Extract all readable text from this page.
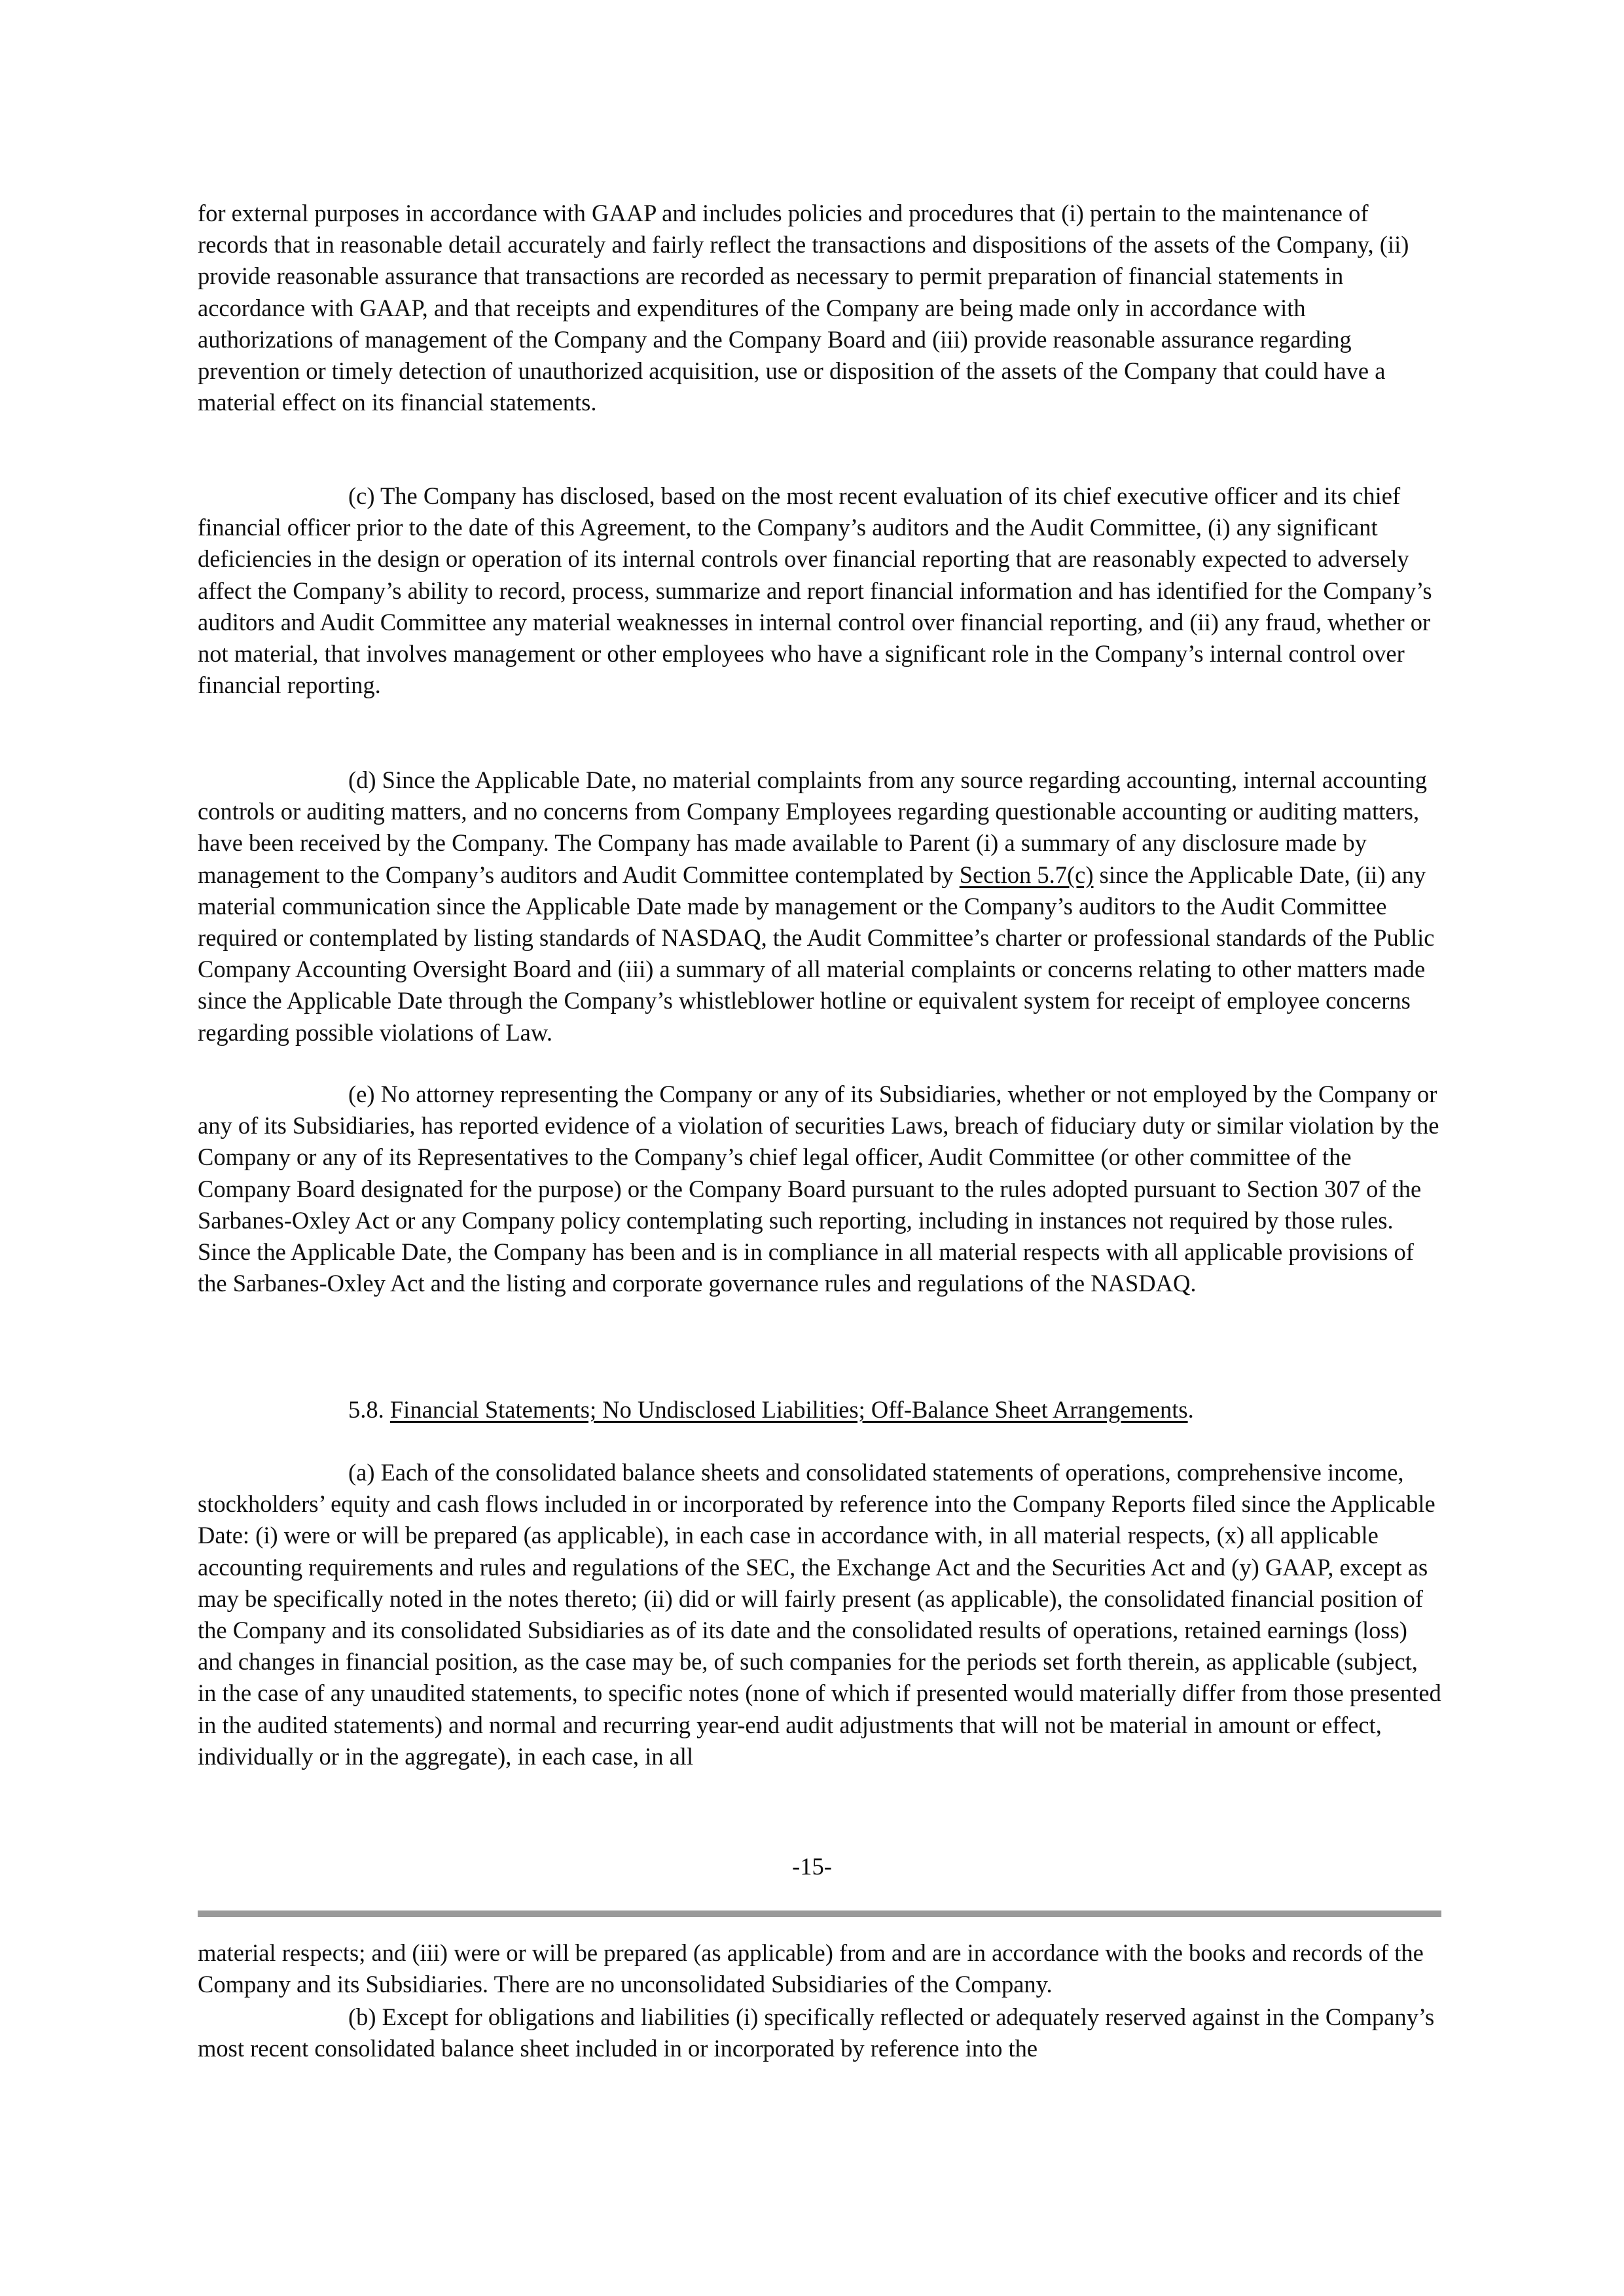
for external purposes in accordance with GAAP and includes policies and procedures that (i) pertain to the maintenance of records that in reasonable detail accurately and fairly reflect the transactions and dispositions of the assets of the Company, (ii) provide reasonable assurance that transactions are recorded as necessary to permit preparation of financial statements in accordance with GAAP, and that receipts and expenditures of the Company are being made only in accordance with authorizations of management of the Company and the Company Board and (iii) provide reasonable assurance regarding prevention or timely detection of unauthorized acquisition, use or disposition of the assets of the Company that could have a material effect on its financial statements.

(c) The Company has disclosed, based on the most recent evaluation of its chief executive officer and its chief financial officer prior to the date of this Agreement, to the Company’s auditors and the Audit Committee, (i) any significant deficiencies in the design or operation of its internal controls over financial reporting that are reasonably expected to adversely affect the Company’s ability to record, process, summarize and report financial information and has identified for the Company’s auditors and Audit Committee any material weaknesses in internal control over financial reporting, and (ii) any fraud, whether or not material, that involves management or other employees who have a significant role in the Company’s internal control over financial reporting.

(d) Since the Applicable Date, no material complaints from any source regarding accounting, internal accounting controls or auditing matters, and no concerns from Company Employees regarding questionable accounting or auditing matters, have been received by the Company. The Company has made available to Parent (i) a summary of any disclosure made by management to the Company’s auditors and Audit Committee contemplated by Section 5.7(c) since the Applicable Date, (ii) any material communication since the Applicable Date made by management or the Company’s auditors to the Audit Committee required or contemplated by listing standards of NASDAQ, the Audit Committee’s charter or professional standards of the Public Company Accounting Oversight Board and (iii) a summary of all material complaints or concerns relating to other matters made since the Applicable Date through the Company’s whistleblower hotline or equivalent system for receipt of employee concerns regarding possible violations of Law.

(e) No attorney representing the Company or any of its Subsidiaries, whether or not employed by the Company or any of its Subsidiaries, has reported evidence of a violation of securities Laws, breach of fiduciary duty or similar violation by the Company or any of its Representatives to the Company’s chief legal officer, Audit Committee (or other committee of the Company Board designated for the purpose) or the Company Board pursuant to the rules adopted pursuant to Section 307 of the Sarbanes-Oxley Act or any Company policy contemplating such reporting, including in instances not required by those rules. Since the Applicable Date, the Company has been and is in compliance in all material respects with all applicable provisions of the Sarbanes-Oxley Act and the listing and corporate governance rules and regulations of the NASDAQ.

5.8. Financial Statements; No Undisclosed Liabilities; Off-Balance Sheet Arrangements.

(a) Each of the consolidated balance sheets and consolidated statements of operations, comprehensive income, stockholders’ equity and cash flows included in or incorporated by reference into the Company Reports filed since the Applicable Date: (i) were or will be prepared (as applicable), in each case in accordance with, in all material respects, (x) all applicable accounting requirements and rules and regulations of the SEC, the Exchange Act and the Securities Act and (y) GAAP, except as may be specifically noted in the notes thereto; (ii) did or will fairly present (as applicable), the consolidated financial position of the Company and its consolidated Subsidiaries as of its date and the consolidated results of operations, retained earnings (loss) and changes in financial position, as the case may be, of such companies for the periods set forth therein, as applicable (subject, in the case of any unaudited statements, to specific notes (none of which if presented would materially differ from those presented in the audited statements) and normal and recurring year-end audit adjustments that will not be material in amount or effect, individually or in the aggregate), in each case, in all

-15-

material respects; and (iii) were or will be prepared (as applicable) from and are in accordance with the books and records of the Company and its Subsidiaries. There are no unconsolidated Subsidiaries of the Company.

(b) Except for obligations and liabilities (i) specifically reflected or adequately reserved against in the Company’s most recent consolidated balance sheet included in or incorporated by reference into the
